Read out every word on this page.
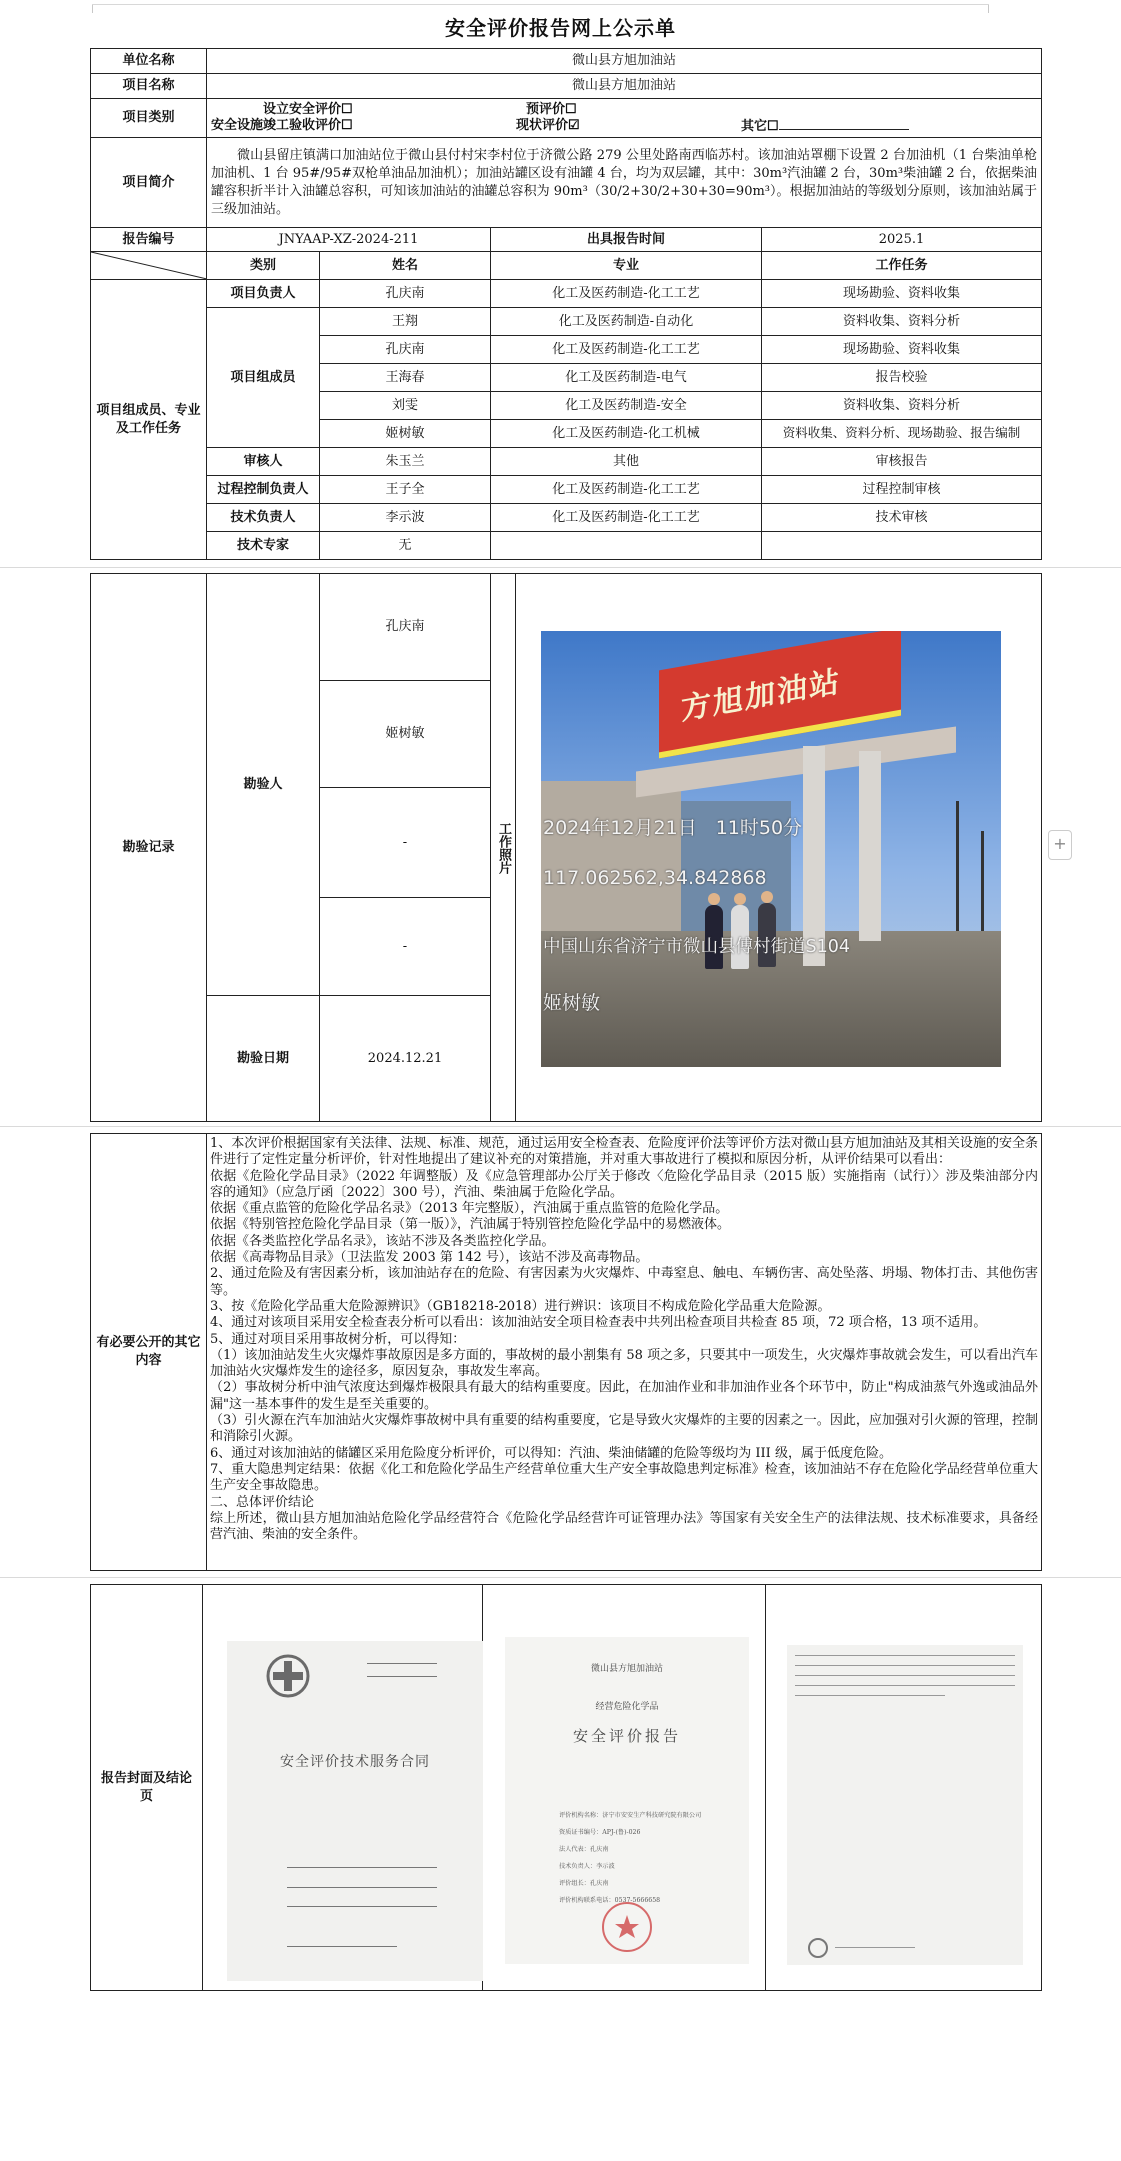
安全评价报告网上公示单
单位名称	微山县方旭加油站			
项目名称	微山县方旭加油站			
项目类别	设立安全评价☐
安全设施竣工验收评价☐
预评价☐
现状评价☑ 其它☐			

项目简介	微山县留庄镇满口加油站位于微山县付村宋李村位于济微公路 279 公里处路南西临苏村。该加油站罩棚下设置 2 台加油机（1 台柴油单枪加油机、1 台 95#/95#双枪单油品加油机）；加油站罐区设有油罐 4 台，均为双层罐，其中：30m³汽油罐 2 台，30m³柴油罐 2 台，依据柴油罐容积折半计入油罐总容积，可知该加油站的油罐总容积为 90m³（30/2+30/2+30+30=90m³）。根据加油站的等级划分原则，该加油站属于三级加油站。			

报告编号	JNYAAP-XZ-2024-211		出具报告时间	2025.1

	类别	姓名	专业	工作任务
项目组成员、专业及工作任务	项目负责人	孔庆南	化工及医药制造-化工工艺	现场勘验、资料收集
	项目组成员	王翔	化工及医药制造-自动化	资料收集、资料分析
		孔庆南	化工及医药制造-化工工艺	现场勘验、资料收集
		王海春	化工及医药制造-电气	报告校验
		刘雯	化工及医药制造-安全	资料收集、资料分析
		姬树敏	化工及医药制造-化工机械	资料收集、资料分析、现场勘验、报告编制
	审核人	朱玉兰	其他	审核报告
	过程控制负责人	王子全	化工及医药制造-化工工艺	过程控制审核
	技术负责人	李示波	化工及医药制造-化工工艺	技术审核
	技术专家	无		
勘验记录	勘验人	孔庆南	工作照片	
		姬树敏		
		-		
		-		
	勘验日期	2024.12.21		
方旭加油站
2024年12月21日　11时50分
117.062562,34.842868
中国山东省济宁市微山县傅村街道S104
姬树敏
+
有必要公开的其它内容	

1、本次评价根据国家有关法律、法规、标准、规范，通过运用安全检查表、危险度评价法等评价方法对微山县方旭加油站及其相关设施的安全条件进行了定性定量分析评价，针对性地提出了建议补充的对策措施，并对重大事故进行了模拟和原因分析，从评价结果可以看出：

依据《危险化学品目录》（2022 年调整版）及《应急管理部办公厅关于修改〈危险化学品目录（2015 版）实施指南（试行）〉涉及柴油部分内容的通知》（应急厅函〔2022〕300 号），汽油、柴油属于危险化学品。

依据《重点监管的危险化学品名录》（2013 年完整版），汽油属于重点监管的危险化学品。

依据《特别管控危险化学品目录（第一版）》，汽油属于特别管控危险化学品中的易燃液体。

依据《各类监控化学品名录》，该站不涉及各类监控化学品。

依据《高毒物品目录》（卫法监发 2003 第 142 号），该站不涉及高毒物品。

2、通过危险及有害因素分析，该加油站存在的危险、有害因素为火灾爆炸、中毒窒息、触电、车辆伤害、高处坠落、坍塌、物体打击、其他伤害等。

3、按《危险化学品重大危险源辨识》（GB18218-2018）进行辨识：该项目不构成危险化学品重大危险源。

4、通过对该项目采用安全检查表分析可以看出：该加油站安全项目检查表中共列出检查项目共检查 85 项，72 项合格，13 项不适用。

5、通过对项目采用事故树分析，可以得知：

（1）该加油站发生火灾爆炸事故原因是多方面的，事故树的最小割集有 58 项之多，只要其中一项发生，火灾爆炸事故就会发生，可以看出汽车加油站火灾爆炸发生的途径多，原因复杂，事故发生率高。

（2）事故树分析中油气浓度达到爆炸极限具有最大的结构重要度。因此，在加油作业和非加油作业各个环节中，防止"构成油蒸气外逸或油品外漏"这一基本事件的发生是至关重要的。

（3）引火源在汽车加油站火灾爆炸事故树中具有重要的结构重要度，它是导致火灾爆炸的主要的因素之一。因此，应加强对引火源的管理，控制和消除引火源。

6、通过对该加油站的储罐区采用危险度分析评价，可以得知：汽油、柴油储罐的危险等级均为 III 级，属于低度危险。

7、重大隐患判定结果：依据《化工和危险化学品生产经营单位重大生产安全事故隐患判定标准》检查，该加油站不存在危险化学品经营单位重大生产安全事故隐患。

二、总体评价结论

综上所述，微山县方旭加油站危险化学品经营符合《危险化学品经营许可证管理办法》等国家有关安全生产的法律法规、技术标准要求，具备经营汽油、柴油的安全条件。

报告封面及结论页			
安全评价技术服务合同
微山县方旭加油站
经营危险化学品
安全评价报告
评价机构名称：济宁市安安生产科技研究院有限公司
资质证书编号：APJ-(鲁)-026
法人代表：孔庆南
技术负责人：李示波
评价组长：孔庆南
评价机构联系电话：0537-5666658
